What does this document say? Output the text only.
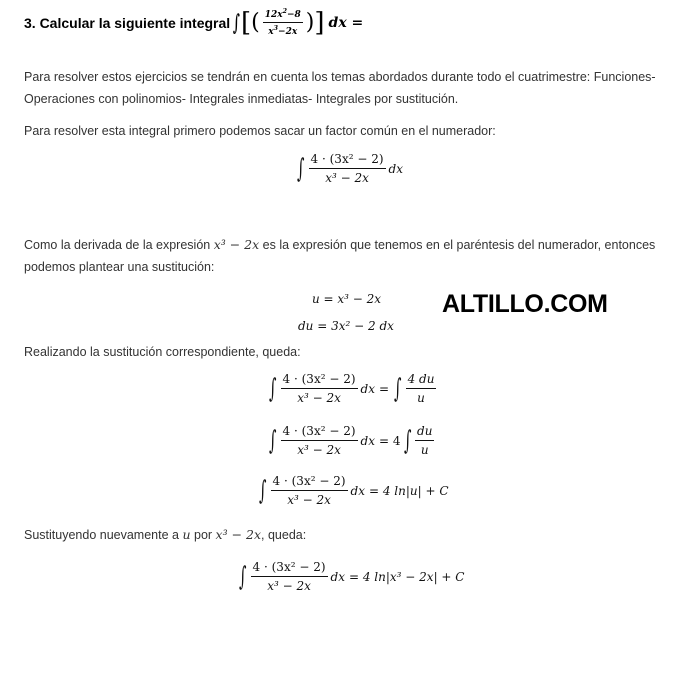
3. Calcular la siguiente integral ∫ [ ( $\frac{12x^2-8}{x^3-2x}$ ) ] dx =
Para resolver estos ejercicios se tendrán en cuenta los temas abordados durante todo el cuatrimestre: Funciones-Operaciones con polinomios- Integrales inmediatas- Integrales por sustitución.
Para resolver esta integral primero podemos sacar un factor común en el numerador:
∫ $\frac{\text{4 · (3x² − 2)}}{\text{x³ − 2x}}$ dx
Como la derivada de la expresión x³ − 2x es la expresión que tenemos en el paréntesis del numerador, entonces podemos plantear una sustitución:
u = x³ − 2x
du = 3x² − 2 dx
ALTILLO.COM
Realizando la sustitución correspondiente, queda:
∫ $\frac{\text{4 · (3x² − 2)}}{\text{x³ − 2x}}$ dx = ∫ $\frac{4 du}{u}$
∫ $\frac{\text{4 · (3x² − 2)}}{\text{x³ − 2x}}$ dx = 4 ∫ $\frac{du}{u}$
∫ $\frac{\text{4 · (3x² − 2)}}{\text{x³ − 2x}}$ dx = 4 ln|u| + C
Sustituyendo nuevamente a u por x³ − 2x, queda:
∫ $\frac{\text{4 · (3x² − 2)}}{\text{x³ − 2x}}$ dx = 4 ln|x³ − 2x| + C
